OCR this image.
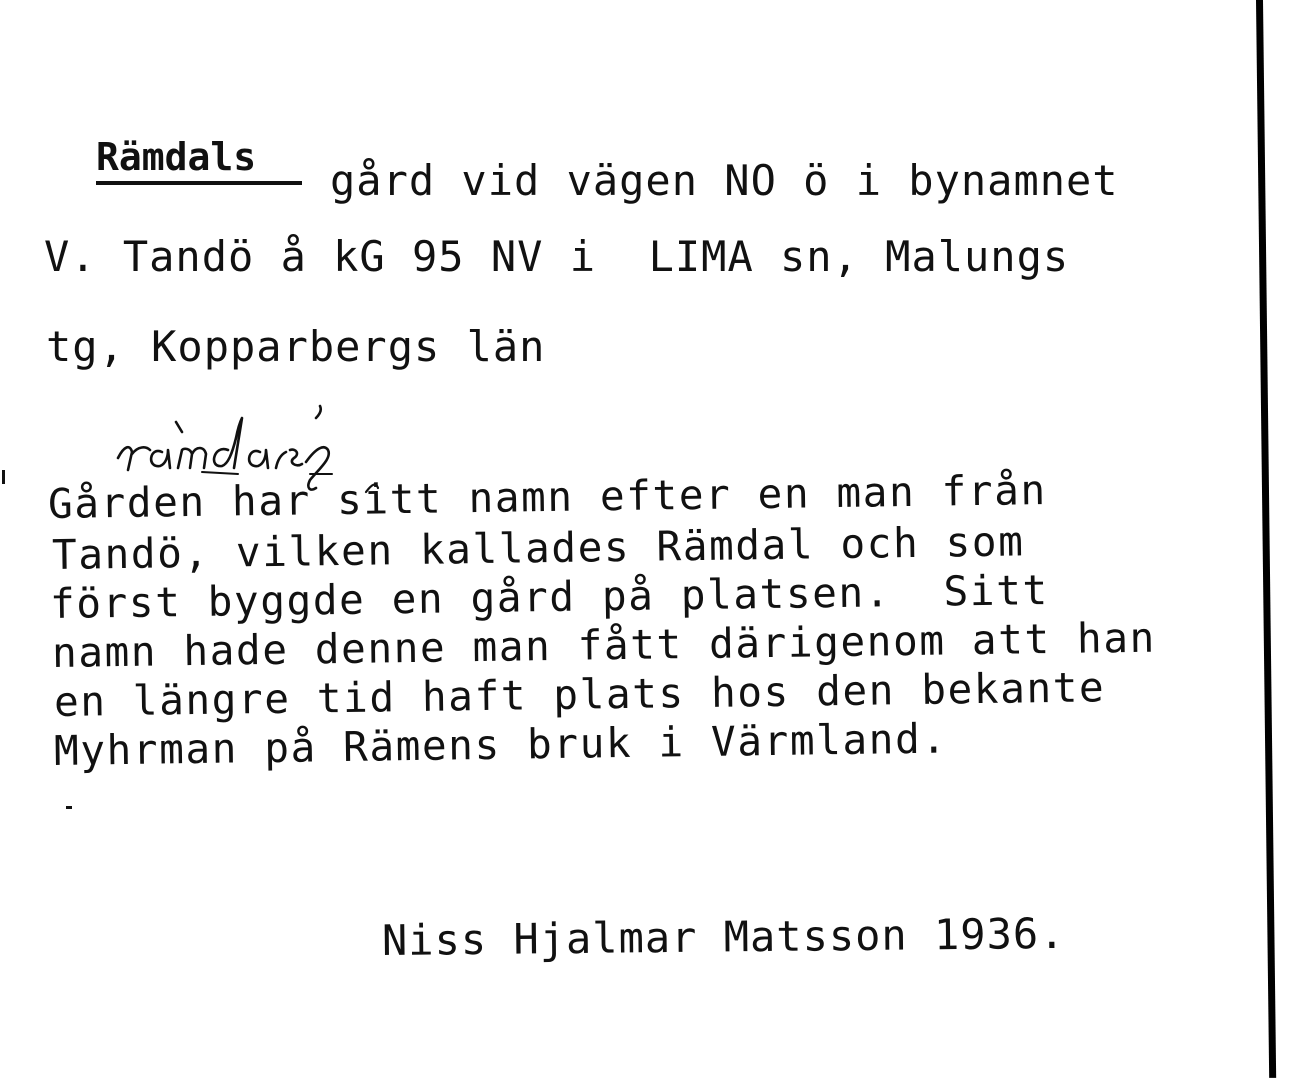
Rämdals gård vid vägen NO ö i bynamnet
V. Tandö å kG 95 NV i  LIMA sn, Malungs
tg, Kopparbergs län
Gården har sitt namn efter en man från
Tandö, vilken kallades Rämdal och som
först byggde en gård på platsen.  Sitt
namn hade denne man fått därigenom att han
en längre tid haft plats hos den bekante
Myhrman på Rämens bruk i Värmland.
Niss Hjalmar Matsson 1936.
